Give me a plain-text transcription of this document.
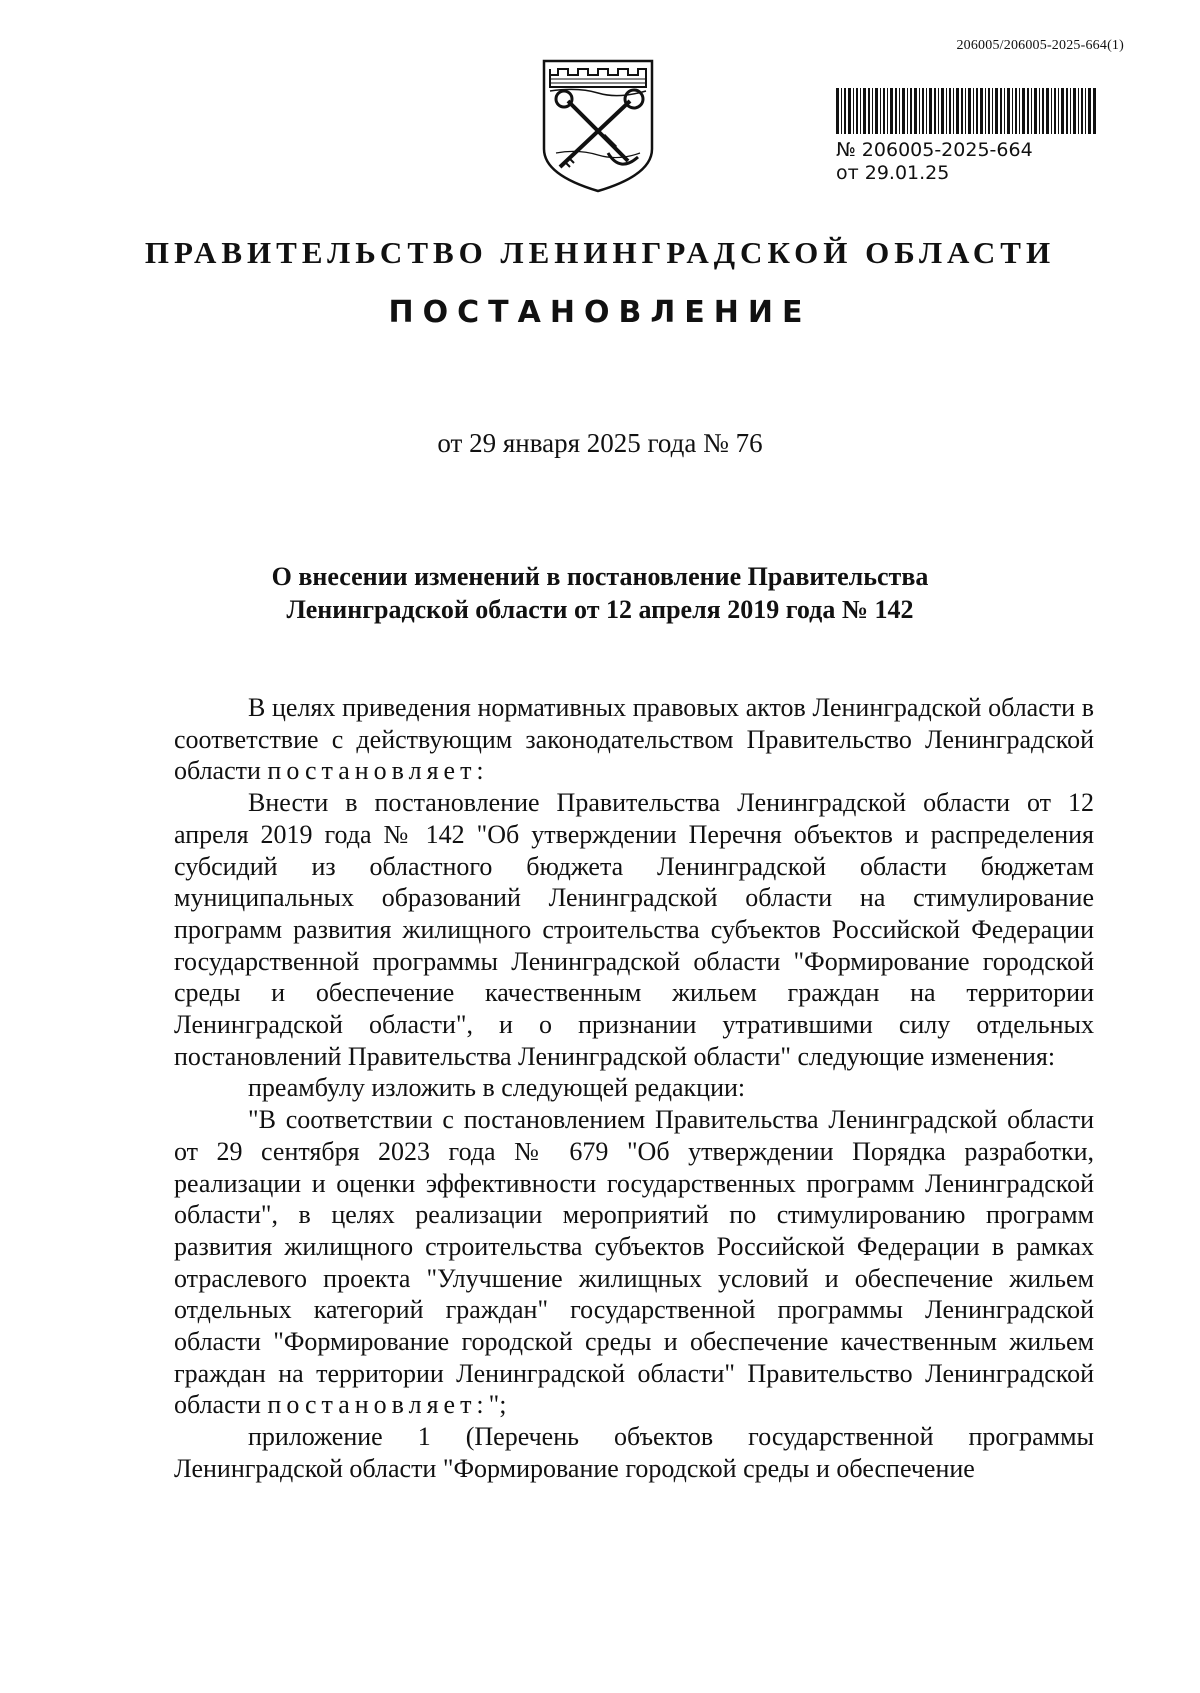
206005/206005-2025-664(1)
№ 206005-2025-664
от 29.01.25
ПРАВИТЕЛЬСТВО ЛЕНИНГРАДСКОЙ ОБЛАСТИ
ПОСТАНОВЛЕНИЕ
от 29 января 2025 года № 76
О внесении изменений в постановление Правительства
Ленинградской области от 12 апреля 2019 года № 142

В целях приведения нормативных правовых актов Ленинградской области в соответствие с действующим законодательством Правительство Ленинградской области постановляет:

Внести в постановление Правительства Ленинградской области от 12 апреля 2019 года № 142 "Об утверждении Перечня объектов и распределения субсидий из областного бюджета Ленинградской области бюджетам муниципальных образований Ленинградской области на стимулирование программ развития жилищного строительства субъектов Российской Федерации государственной программы Ленинградской области "Формирование городской среды и обеспечение качественным жильем граждан на территории Ленинградской области", и о признании утратившими силу отдельных постановлений Правительства Ленинградской области" следующие изменения:

преамбулу изложить в следующей редакции:

"В соответствии с постановлением Правительства Ленинградской области от 29 сентября 2023 года № 679 "Об утверждении Порядка разработки, реализации и оценки эффективности государственных программ Ленинградской области", в целях реализации мероприятий по стимулированию программ развития жилищного строительства субъектов Российской Федерации в рамках отраслевого проекта "Улучшение жилищных условий и обеспечение жильем отдельных категорий граждан" государственной программы Ленинградской области "Формирование городской среды и обеспечение качественным жильем граждан на территории Ленинградской области" Правительство Ленинградской области постановляет:";

приложение 1 (Перечень объектов государственной программы Ленинградской области "Формирование городской среды и обеспечение
